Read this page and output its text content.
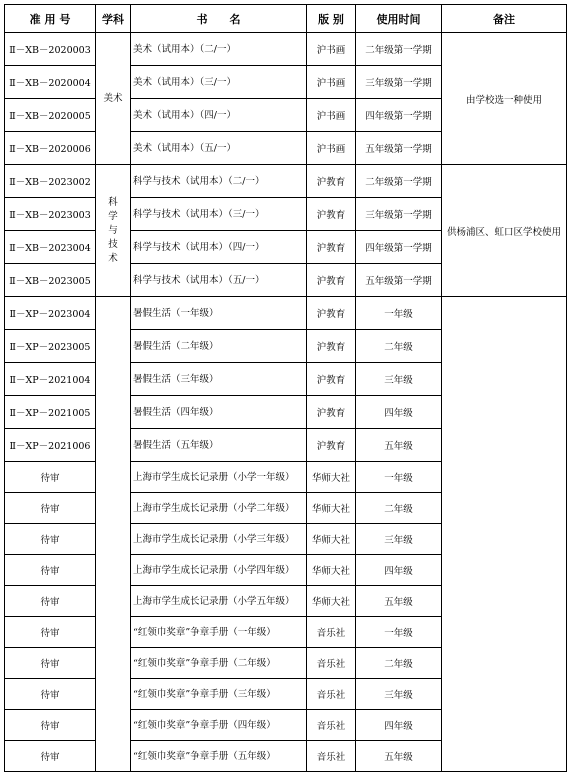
准 用 号	学科	书　　名	版 别	使用时间	备注
Ⅱ－XB－2020003	美术	美术（试用本）（二/一）	沪书画	二年级第一学期	由学校选一种使用
Ⅱ－XB－2020004		美术（试用本）（三/一）	沪书画	三年级第一学期	
Ⅱ－XB－2020005		美术（试用本）（四/一）	沪书画	四年级第一学期	
Ⅱ－XB－2020006		美术（试用本）（五/一）	沪书画	五年级第一学期	
Ⅱ－XB－2023002	科学与技术	科学与技术（试用本）（二/一）	沪教育	二年级第一学期	供杨浦区、虹口区学校使用
Ⅱ－XB－2023003		科学与技术（试用本）（三/一）	沪教育	三年级第一学期	
Ⅱ－XB－2023004		科学与技术（试用本）（四/一）	沪教育	四年级第一学期	
Ⅱ－XB－2023005		科学与技术（试用本）（五/一）	沪教育	五年级第一学期	
Ⅱ－XP－2023004		暑假生活（一年级）	沪教育	一年级	
Ⅱ－XP－2023005		暑假生活（二年级）	沪教育	二年级	
Ⅱ－XP－2021004		暑假生活（三年级）	沪教育	三年级	
Ⅱ－XP－2021005		暑假生活（四年级）	沪教育	四年级	
Ⅱ－XP－2021006		暑假生活（五年级）	沪教育	五年级	
待审		上海市学生成长记录册（小学一年级）	华师大社	一年级	
待审		上海市学生成长记录册（小学二年级）	华师大社	二年级	
待审		上海市学生成长记录册（小学三年级）	华师大社	三年级	
待审		上海市学生成长记录册（小学四年级）	华师大社	四年级	
待审		上海市学生成长记录册（小学五年级）	华师大社	五年级	
待审		“红领巾奖章”争章手册（一年级）	音乐社	一年级	
待审		“红领巾奖章”争章手册（二年级）	音乐社	二年级	
待审		“红领巾奖章”争章手册（三年级）	音乐社	三年级	
待审		“红领巾奖章”争章手册（四年级）	音乐社	四年级	
待审		“红领巾奖章”争章手册（五年级）	音乐社	五年级	
